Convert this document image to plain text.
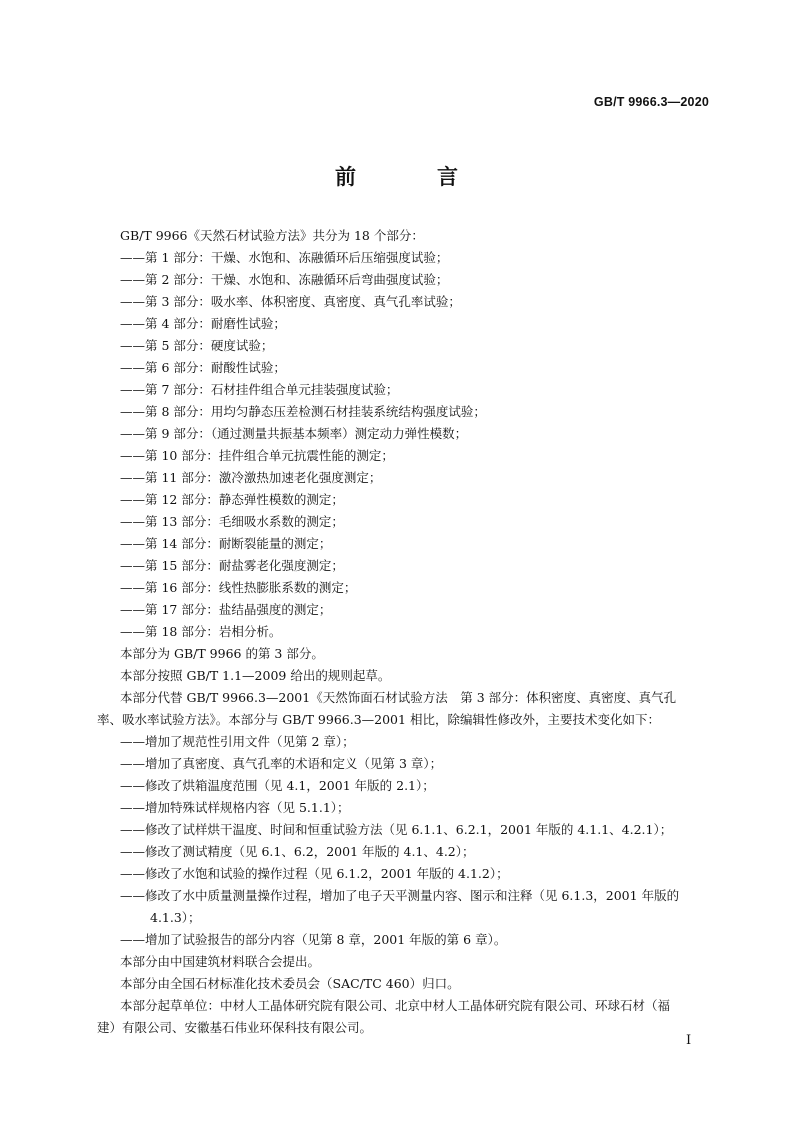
GB/T 9966.3—2020
前　言
GB/T 9966《天然石材试验方法》共分为 18 个部分：
——第 1 部分：干燥、水饱和、冻融循环后压缩强度试验；
——第 2 部分：干燥、水饱和、冻融循环后弯曲强度试验；
——第 3 部分：吸水率、体积密度、真密度、真气孔率试验；
——第 4 部分：耐磨性试验；
——第 5 部分：硬度试验；
——第 6 部分：耐酸性试验；
——第 7 部分：石材挂件组合单元挂装强度试验；
——第 8 部分：用均匀静态压差检测石材挂装系统结构强度试验；
——第 9 部分：（通过测量共振基本频率）测定动力弹性模数；
——第 10 部分：挂件组合单元抗震性能的测定；
——第 11 部分：激冷激热加速老化强度测定；
——第 12 部分：静态弹性模数的测定；
——第 13 部分：毛细吸水系数的测定；
——第 14 部分：耐断裂能量的测定；
——第 15 部分：耐盐雾老化强度测定；
——第 16 部分：线性热膨胀系数的测定；
——第 17 部分：盐结晶强度的测定；
——第 18 部分：岩相分析。
本部分为 GB/T 9966 的第 3 部分。
本部分按照 GB/T 1.1—2009 给出的规则起草。
本部分代替 GB/T 9966.3—2001《天然饰面石材试验方法　第 3 部分：体积密度、真密度、真气孔
率、吸水率试验方法》。本部分与 GB/T 9966.3—2001 相比，除编辑性修改外，主要技术变化如下：
——增加了规范性引用文件（见第 2 章）；
——增加了真密度、真气孔率的术语和定义（见第 3 章）；
——修改了烘箱温度范围（见 4.1，2001 年版的 2.1）；
——增加特殊试样规格内容（见 5.1.1）；
——修改了试样烘干温度、时间和恒重试验方法（见 6.1.1、6.2.1，2001 年版的 4.1.1、4.2.1）；
——修改了测试精度（见 6.1、6.2，2001 年版的 4.1、4.2）；
——修改了水饱和试验的操作过程（见 6.1.2，2001 年版的 4.1.2）；
——修改了水中质量测量操作过程，增加了电子天平测量内容、图示和注释（见 6.1.3，2001 年版的
4.1.3）；
——增加了试验报告的部分内容（见第 8 章，2001 年版的第 6 章）。
本部分由中国建筑材料联合会提出。
本部分由全国石材标准化技术委员会（SAC/TC 460）归口。
本部分起草单位：中材人工晶体研究院有限公司、北京中材人工晶体研究院有限公司、环球石材（福
建）有限公司、安徽基石伟业环保科技有限公司。
I
